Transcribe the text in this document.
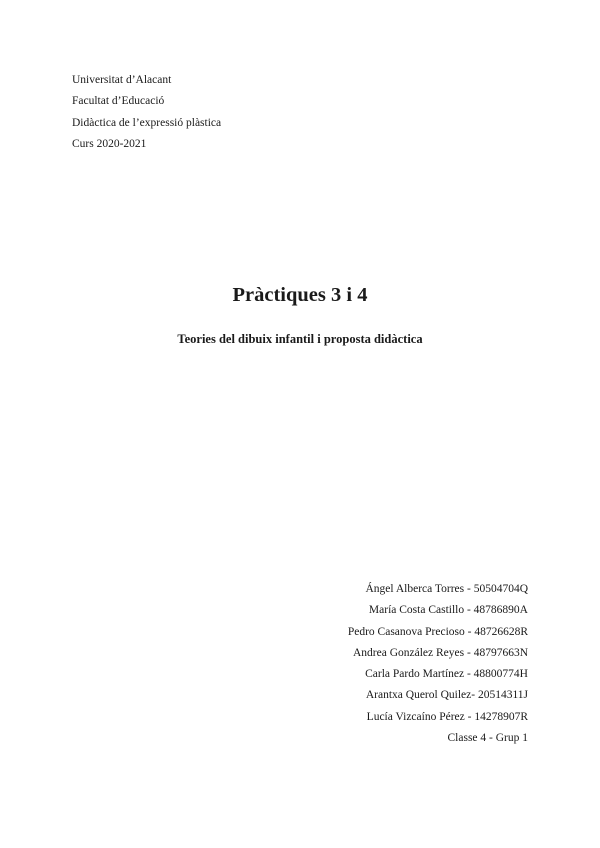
Universitat d’Alacant
Facultat d’Educació
Didàctica de l’expressió plàstica
Curs 2020-2021
Pràctiques 3 i 4
Teories del dibuix infantil i proposta didàctica
Ángel Alberca Torres - 50504704Q
María Costa Castillo - 48786890A
Pedro Casanova Precioso - 48726628R
Andrea González Reyes - 48797663N
Carla Pardo Martínez - 48800774H
Arantxa Querol Quilez- 20514311J
Lucía Vizcaíno Pérez - 14278907R
Classe 4 - Grup 1
